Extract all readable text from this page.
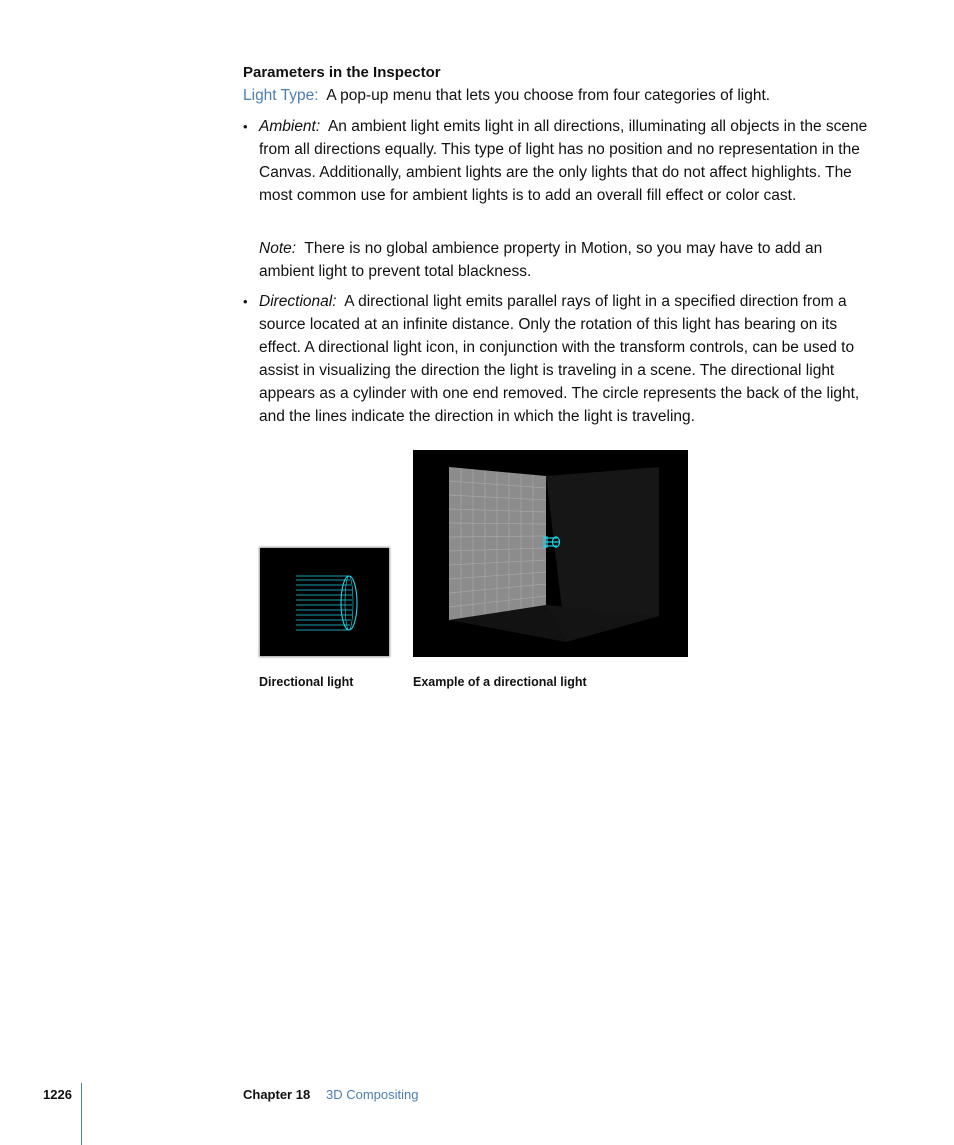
Parameters in the Inspector
Light Type: A pop-up menu that lets you choose from four categories of light.
• Ambient: An ambient light emits light in all directions, illuminating all objects in the scene from all directions equally. This type of light has no position and no representation in the Canvas. Additionally, ambient lights are the only lights that do not affect highlights. The most common use for ambient lights is to add an overall fill effect or color cast.
Note: There is no global ambience property in Motion, so you may have to add an ambient light to prevent total blackness.
• Directional: A directional light emits parallel rays of light in a specified direction from a source located at an infinite distance. Only the rotation of this light has bearing on its effect. A directional light icon, in conjunction with the transform controls, can be used to assist in visualizing the direction the light is traveling in a scene. The directional light appears as a cylinder with one end removed. The circle represents the back of the light, and the lines indicate the direction in which the light is traveling.
Directional light	Example of a directional light
1226	Chapter 18 3D Compositing
